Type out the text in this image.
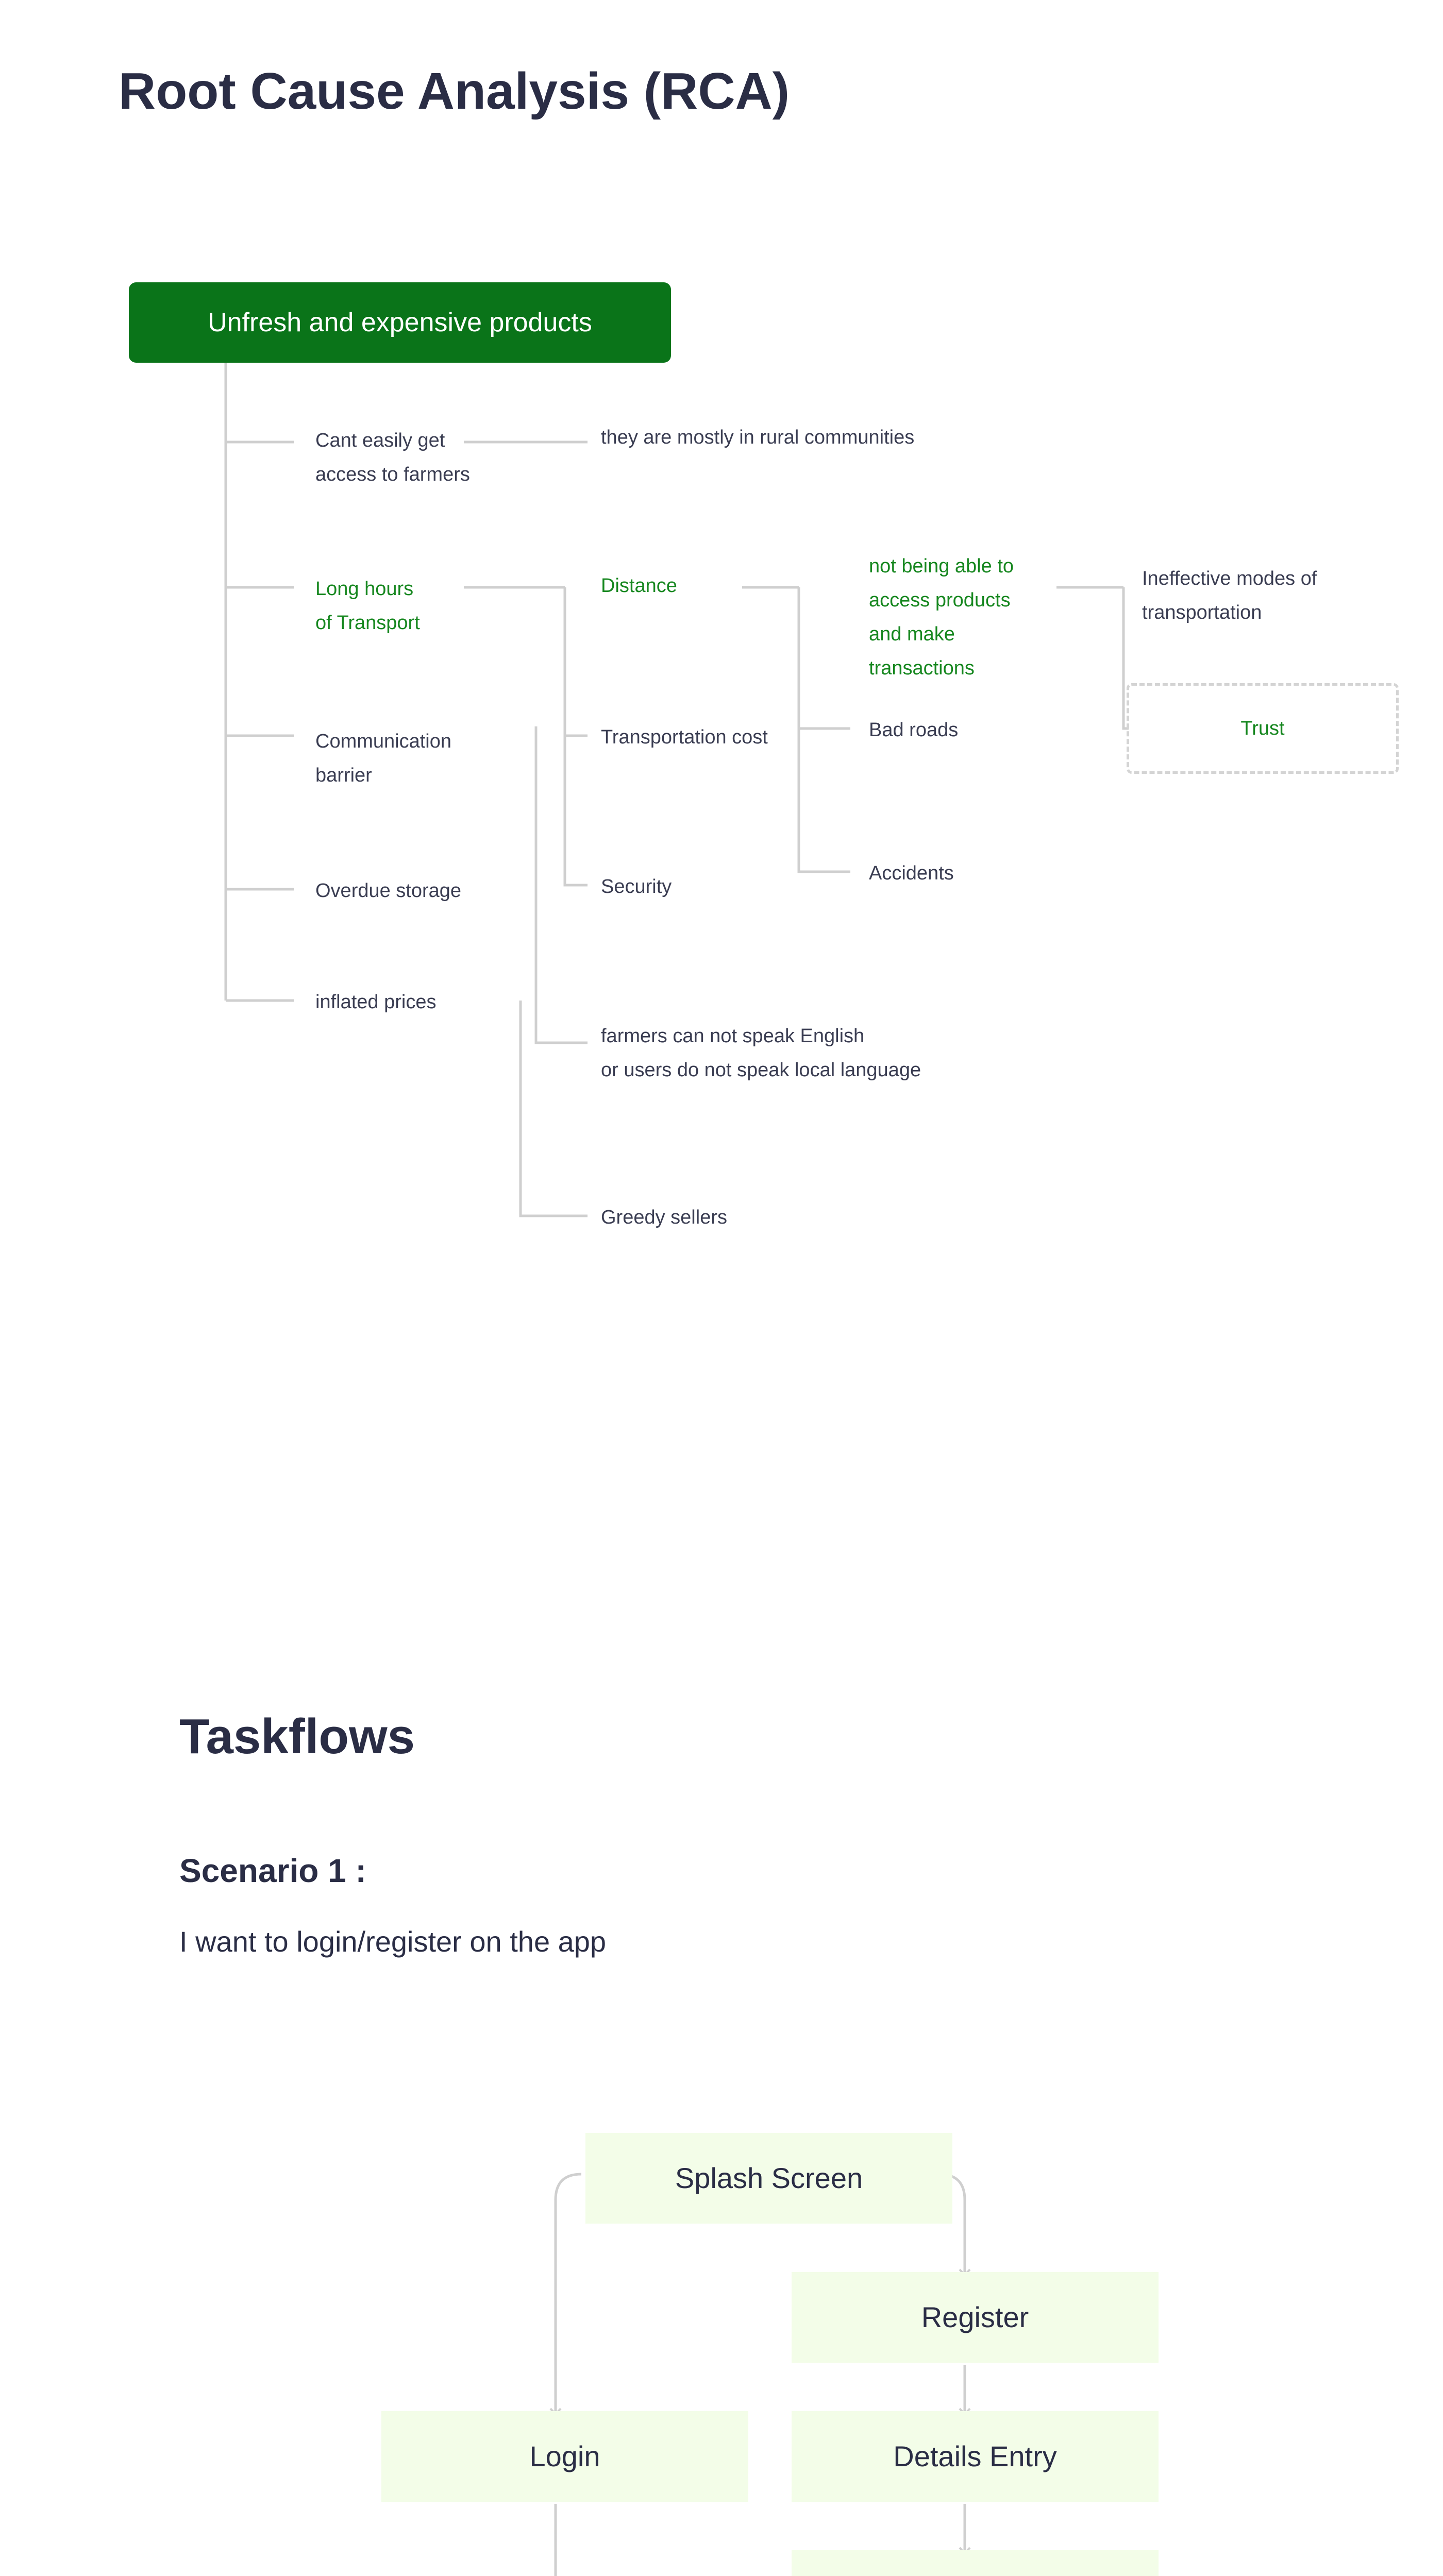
Root Cause Analysis (RCA)
Unfresh and expensive products
Cant easily get
access to farmers
they are mostly in rural communities
Long hours
of Transport
Distance
not being able to
access products
and make
transactions
Ineffective modes of
transportation
Trust
Communication
barrier
Transportation cost	Bad roads
Overdue storage	Security
Accidents
inflated prices
farmers can not speak English
or users do not speak local language
Greedy sellers
Taskflows
Scenario 1 :
I want to login/register on the app
Splash Screen
Register
Login	Details Entry
